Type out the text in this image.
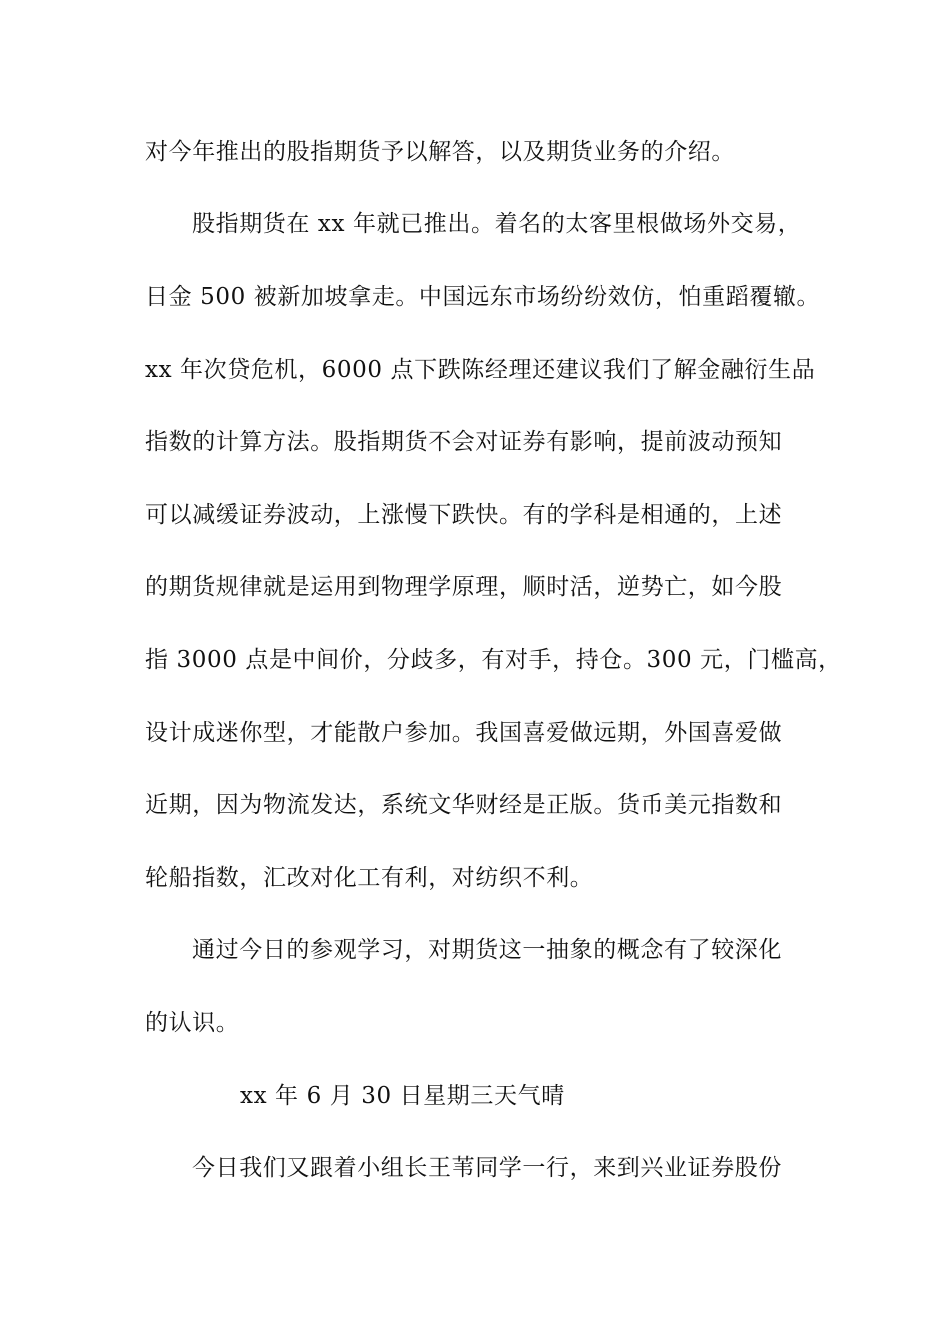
对今年推出的股指期货予以解答，以及期货业务的介绍。
股指期货在 xx 年就已推出。着名的太客里根做场外交易，
日金 500 被新加坡拿走。中国远东市场纷纷效仿，怕重蹈覆辙。
xx 年次贷危机，6000 点下跌陈经理还建议我们了解金融衍生品
指数的计算方法。股指期货不会对证券有影响，提前波动预知
可以减缓证券波动，上涨慢下跌快。有的学科是相通的，上述
的期货规律就是运用到物理学原理，顺时活，逆势亡，如今股
指 3000 点是中间价，分歧多，有对手，持仓。300 元，门槛高，
设计成迷你型，才能散户参加。我国喜爱做远期，外国喜爱做
近期，因为物流发达，系统文华财经是正版。货币美元指数和
轮船指数，汇改对化工有利，对纺织不利。
通过今日的参观学习，对期货这一抽象的概念有了较深化
的认识。
xx 年 6 月 30 日星期三天气晴
今日我们又跟着小组长王苇同学一行，来到兴业证券股份
